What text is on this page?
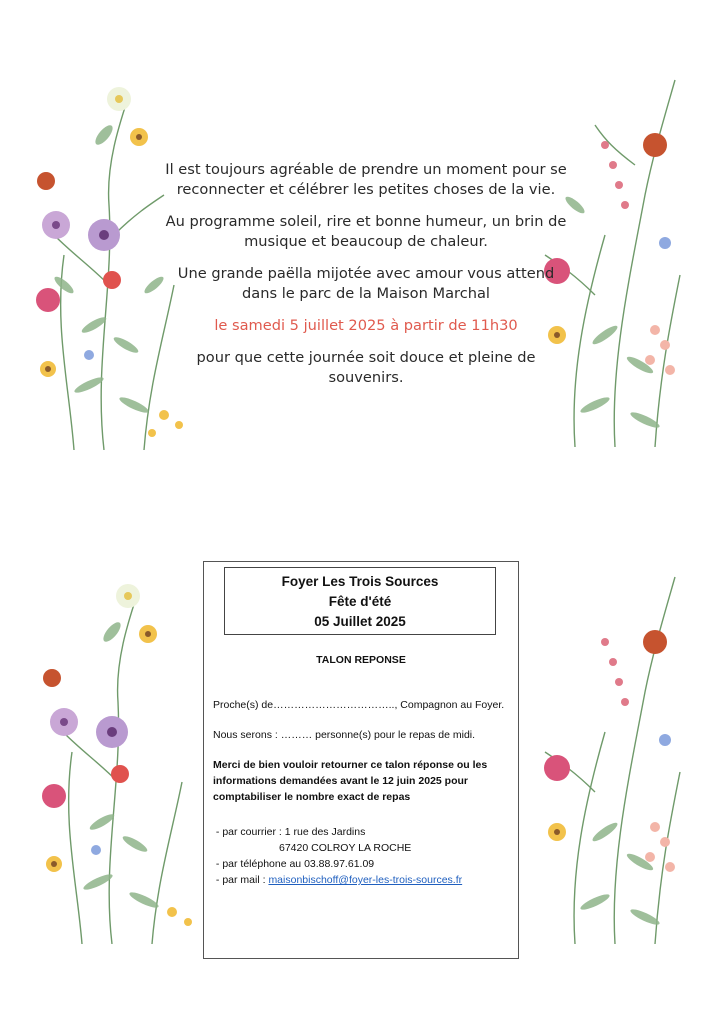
Il est toujours agréable de prendre un moment pour se reconnecter et célébrer les petites choses de la vie.

Au programme soleil, rire et bonne humeur, un brin de musique et beaucoup de chaleur.

Une grande paëlla mijotée avec amour vous attend dans le parc de la Maison Marchal

le samedi 5 juillet 2025 à partir de 11h30

pour que cette journée soit douce et pleine de souvenirs.

Foyer Les Trois Sources
Fête d'été
05 Juillet 2025
TALON REPONSE

Proche(s) de…………………………….., Compagnon au Foyer.

Nous serons : ……… personne(s) pour le repas de midi.

Merci de bien vouloir retourner ce talon réponse ou les informations demandées avant le 12 juin 2025 pour comptabiliser le nombre exact de repas

- par courrier : 1 rue des Jardins
67420 COLROY LA ROCHE
- par téléphone au 03.88.97.61.09
- par mail : maisonbischoff@foyer-les-trois-sources.fr
